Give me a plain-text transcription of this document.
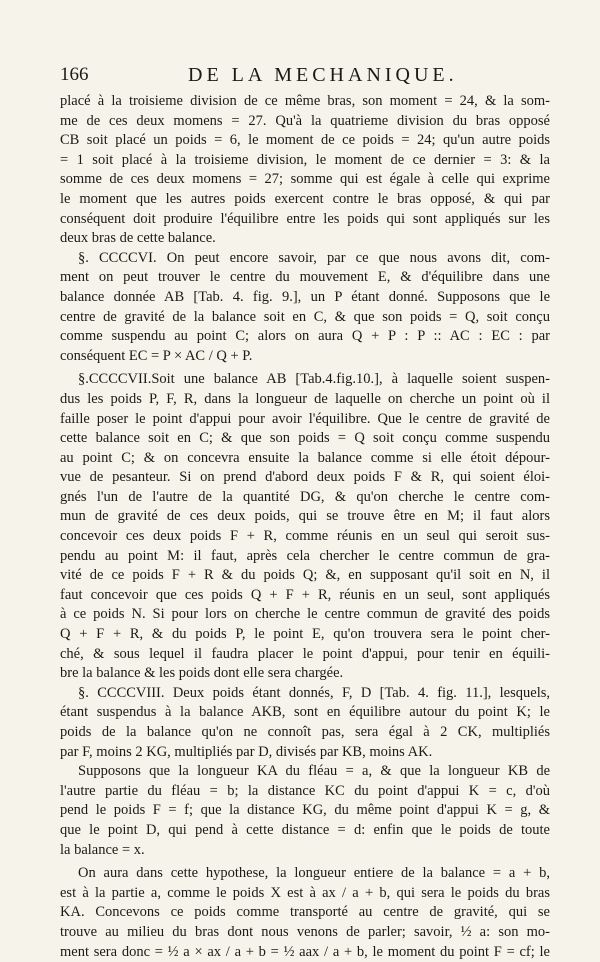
166	DE LA MECHANIQUE.
placé à la troisieme division de ce même bras, son moment = 24, & la som-
me de ces deux momens = 27. Qu'à la quatrieme division du bras opposé
CB soit placé un poids = 6, le moment de ce poids = 24; qu'un autre poids
= 1 soit placé à la troisieme division, le moment de ce dernier = 3: & la
somme de ces deux momens = 27; somme qui est égale à celle qui exprime
le moment que les autres poids exercent contre le bras opposé, & qui par
conséquent doit produire l'équilibre entre les poids qui sont appliqués sur les
deux bras de cette balance.
§. CCCCVI. On peut encore savoir, par ce que nous avons dit, com-
ment on peut trouver le centre du mouvement E, & d'équilibre dans une
balance donnée AB [Tab. 4. fig. 9.], un P étant donné. Supposons que le
centre de gravité de la balance soit en C, & que son poids = Q, soit conçu
comme suspendu au point C; alors on aura Q + P : P :: AC : EC : par
conséquent EC = P × AC / Q + P.
§.CCCCVII.Soit une balance AB [Tab.4.fig.10.], à laquelle soient suspen-
dus les poids P, F, R, dans la longueur de laquelle on cherche un point où il
faille poser le point d'appui pour avoir l'équilibre. Que le centre de gravité de
cette balance soit en C; & que son poids = Q soit conçu comme suspendu
au point C; & on concevra ensuite la balance comme si elle étoit dépour-
vue de pesanteur. Si on prend d'abord deux poids F & R, qui soient éloi-
gnés l'un de l'autre de la quantité DG, & qu'on cherche le centre com-
mun de gravité de ces deux poids, qui se trouve être en M; il faut alors
concevoir ces deux poids F + R, comme réunis en un seul qui seroit sus-
pendu au point M: il faut, après cela chercher le centre commun de gra-
vité de ce poids F + R & du poids Q; &, en supposant qu'il soit en N, il
faut concevoir que ces poids Q + F + R, réunis en un seul, sont appliqués
à ce poids N. Si pour lors on cherche le centre commun de gravité des poids
Q + F + R, & du poids P, le point E, qu'on trouvera sera le point cher-
ché, & sous lequel il faudra placer le point d'appui, pour tenir en équili-
bre la balance & les poids dont elle sera chargée.
§. CCCCVIII. Deux poids étant donnés, F, D [Tab. 4. fig. 11.], lesquels,
étant suspendus à la balance AKB, sont en équilibre autour du point K; le
poids de la balance qu'on ne connoît pas, sera égal à 2 CK, multipliés
par F, moins 2 KG, multipliés par D, divisés par KB, moins AK.
Supposons que la longueur KA du fléau = a, & que la longueur KB de
l'autre partie du fléau = b; la distance KC du point d'appui K = c, d'où
pend le poids F = f; que la distance KG, du même point d'appui K = g, &
que le point D, qui pend à cette distance = d: enfin que le poids de toute
la balance = x.
On aura dans cette hypothese, la longueur entiere de la balance = a + b,
est à la partie a, comme le poids X est à ax / a + b, qui sera le poids du bras
KA. Concevons ce poids comme transporté au centre de gravité, qui se
trouve au milieu du bras dont nous venons de parler; savoir, ½ a: son mo-
ment sera donc = ½ a × ax / a + b = ½ aax / a + b, le moment du point F = cf; le
